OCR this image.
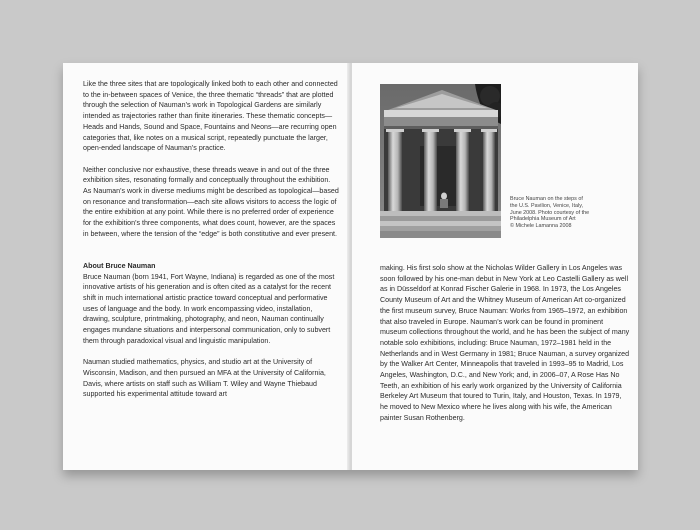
Like the three sites that are topologically linked both to each other and connected to the in-between spaces of Venice, the three thematic “threads” that are plotted through the selection of Nauman’s work in Topological Gardens are similarly intended as trajectories rather than finite itineraries. These thematic concepts—Heads and Hands, Sound and Space, Fountains and Neons—are recurring open categories that, like notes on a musical script, repeatedly punctuate the larger, open-ended landscape of Nauman’s practice.

Neither conclusive nor exhaustive, these threads weave in and out of the three exhibition sites, resonating formally and conceptually throughout the exhibition. As Nauman’s work in diverse mediums might be described as topological—based on resonance and transformation—each site allows visitors to access the logic of the entire exhibition at any point. While there is no preferred order of experience for the exhibition’s three components, what does count, however, are the spaces in between, where the tension of the “edge” is both constitutive and ever present.

About Bruce Nauman

Bruce Nauman (born 1941, Fort Wayne, Indiana) is regarded as one of the most innovative artists of his generation and is often cited as a catalyst for the recent shift in much international artistic practice toward conceptual and performative uses of language and the body. In work encompassing video, installation, drawing, sculpture, printmaking, photography, and neon, Nauman continually engages mundane situations and interpersonal communication, only to subvert them through paradoxical visual and linguistic manipulation.

Nauman studied mathematics, physics, and studio art at the University of Wisconsin, Madison, and then pursued an MFA at the University of California, Davis, where artists on staff such as William T. Wiley and Wayne Thiebaud supported his experimental attitude toward art

Bruce Nauman on the steps of
the U.S. Pavilion, Venice, Italy,
June 2008. Photo courtesy of the
Philadelphia Museum of Art
© Michele Lamanna 2008

making. His first solo show at the Nicholas Wilder Gallery in Los Angeles was soon followed by his one-man debut in New York at Leo Castelli Gallery as well as in Düsseldorf at Konrad Fischer Galerie in 1968. In 1973, the Los Angeles County Museum of Art and the Whitney Museum of American Art co-organized the first museum survey, Bruce Nauman: Works from 1965–1972, an exhibition that also traveled in Europe. Nauman’s work can be found in prominent museum collections throughout the world, and he has been the subject of many notable solo exhibitions, including: Bruce Nauman, 1972–1981 held in the Netherlands and in West Germany in 1981; Bruce Nauman, a survey organized by the Walker Art Center, Minneapolis that traveled in 1993–95 to Madrid, Los Angeles, Washington, D.C., and New York; and, in 2006–07, A Rose Has No Teeth, an exhibition of his early work organized by the University of California Berkeley Art Museum that toured to Turin, Italy, and Houston, Texas. In 1979, he moved to New Mexico where he lives along with his wife, the American painter Susan Rothenberg.
